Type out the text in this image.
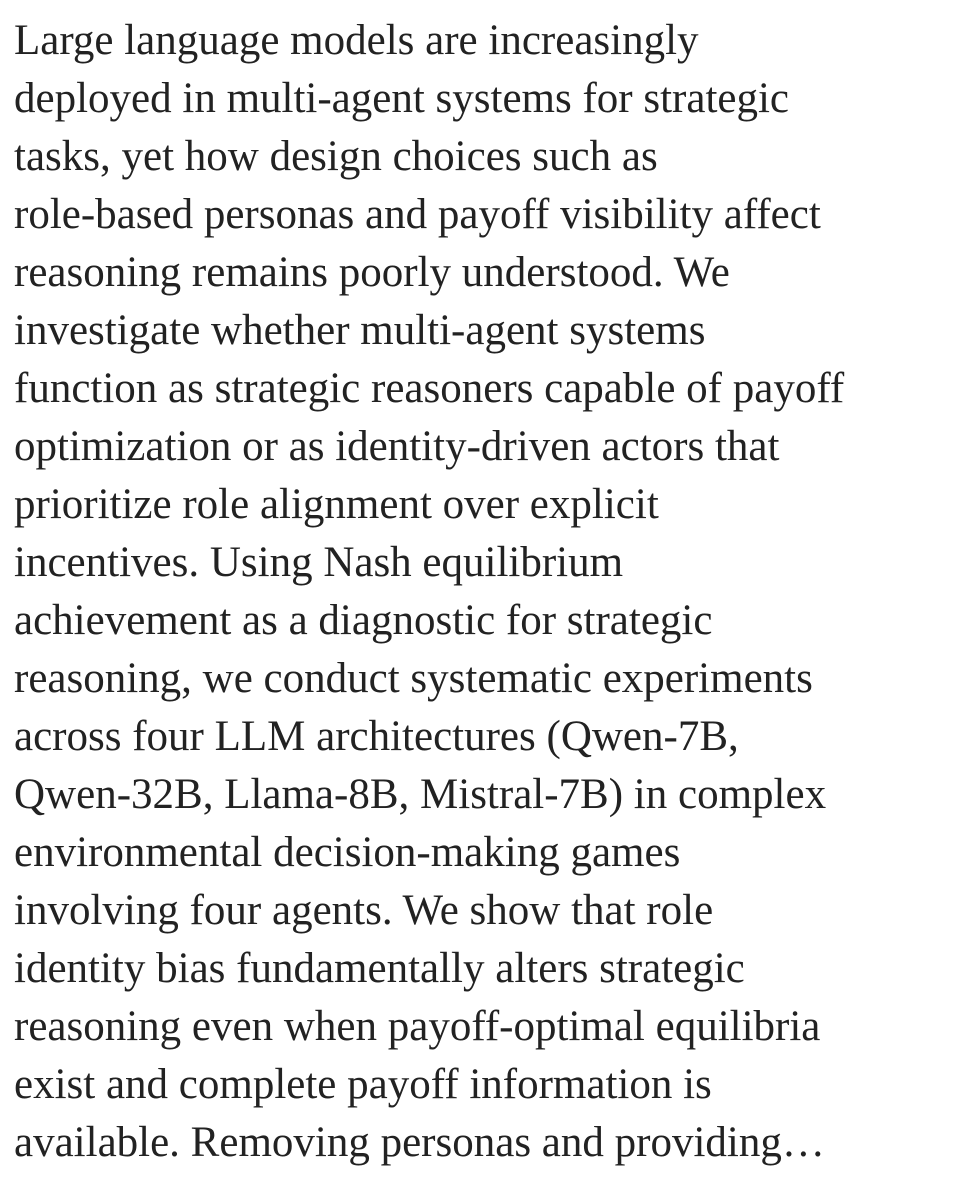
Large language models are increasingly
deployed in multi-agent systems for strategic
tasks, yet how design choices such as
role-based personas and payoff visibility affect
reasoning remains poorly understood. We
investigate whether multi-agent systems
function as strategic reasoners capable of payoff
optimization or as identity-driven actors that
prioritize role alignment over explicit
incentives. Using Nash equilibrium
achievement as a diagnostic for strategic
reasoning, we conduct systematic experiments
across four LLM architectures (Qwen-7B,
Qwen-32B, Llama-8B, Mistral-7B) in complex
environmental decision-making games
involving four agents. We show that role
identity bias fundamentally alters strategic
reasoning even when payoff-optimal equilibria
exist and complete payoff information is
available. Removing personas and providing…
